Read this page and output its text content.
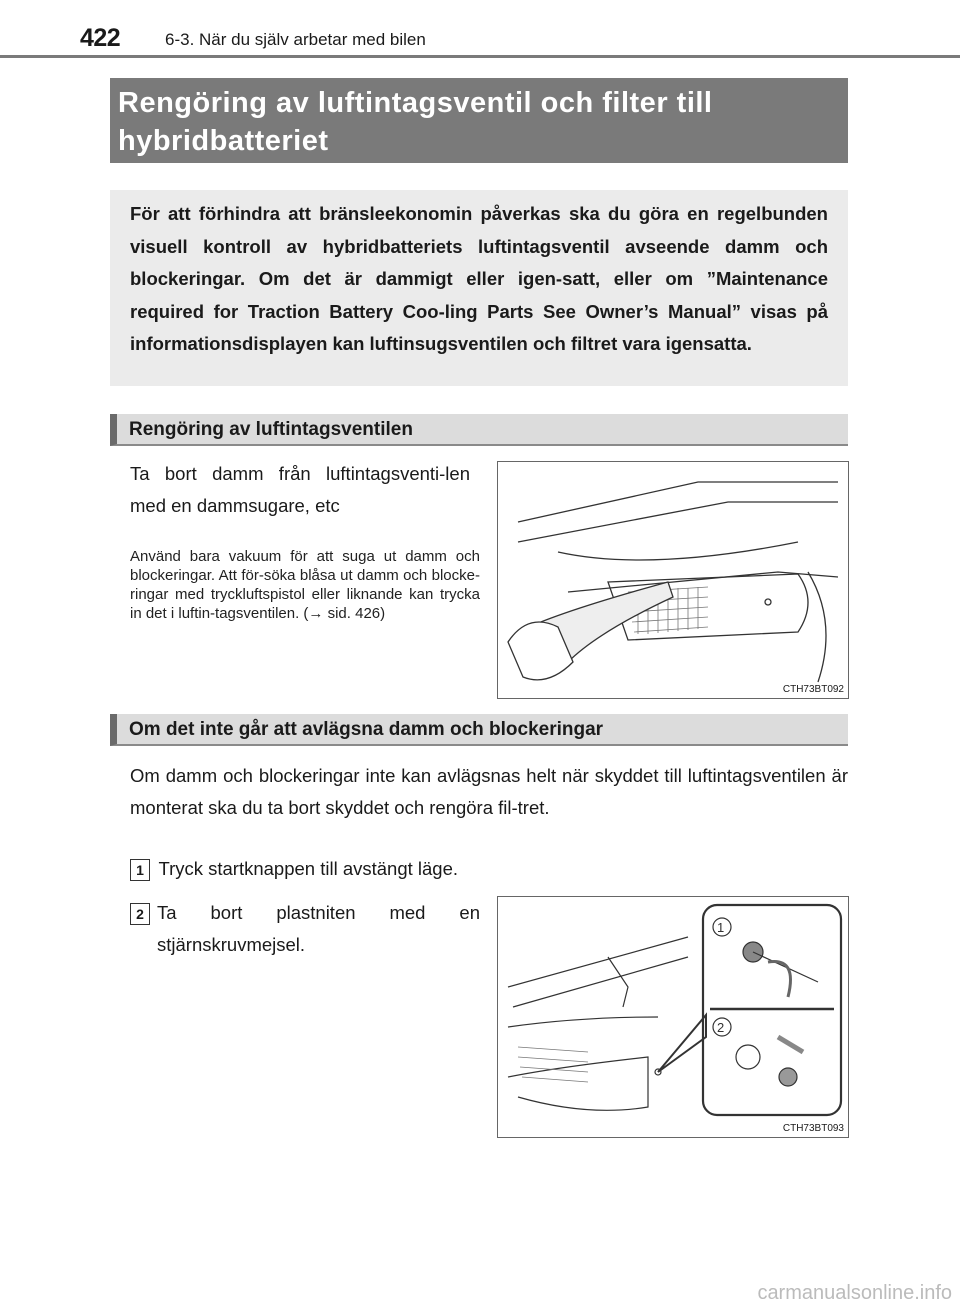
422	6-3. När du själv arbetar med bilen
Rengöring av luftintagsventil och filter till hybridbatteriet
För att förhindra att bränsleekonomin påverkas ska du göra en regelbunden visuell kontroll av hybridbatteriets luftintagsventil avseende damm och blockeringar. Om det är dammigt eller igen-satt, eller om ”Maintenance required for Traction Battery Coo-ling Parts See Owner’s Manual” visas på informationsdisplayen kan luftinsugsventilen och filtret vara igensatta.
Rengöring av luftintagsventilen
Ta bort damm från luftintagsventi-len med en dammsugare, etc
Använd bara vakuum för att suga ut damm och blockeringar. Att för-söka blåsa ut damm och blocke-ringar med tryckluftspistol eller liknande kan trycka in det i luftin-tagsventilen. (→ sid. 426)
CTH73BT092
Om det inte går att avlägsna damm och blockeringar
Om damm och blockeringar inte kan avlägsnas helt när skyddet till luftintagsventilen är monterat ska du ta bort skyddet och rengöra fil-tret.
1 Tryck startknappen till avstängt läge.
2 Ta bort plastniten med en stjärnskruvmejsel.
1
2
CTH73BT093
carmanualsonline.info
